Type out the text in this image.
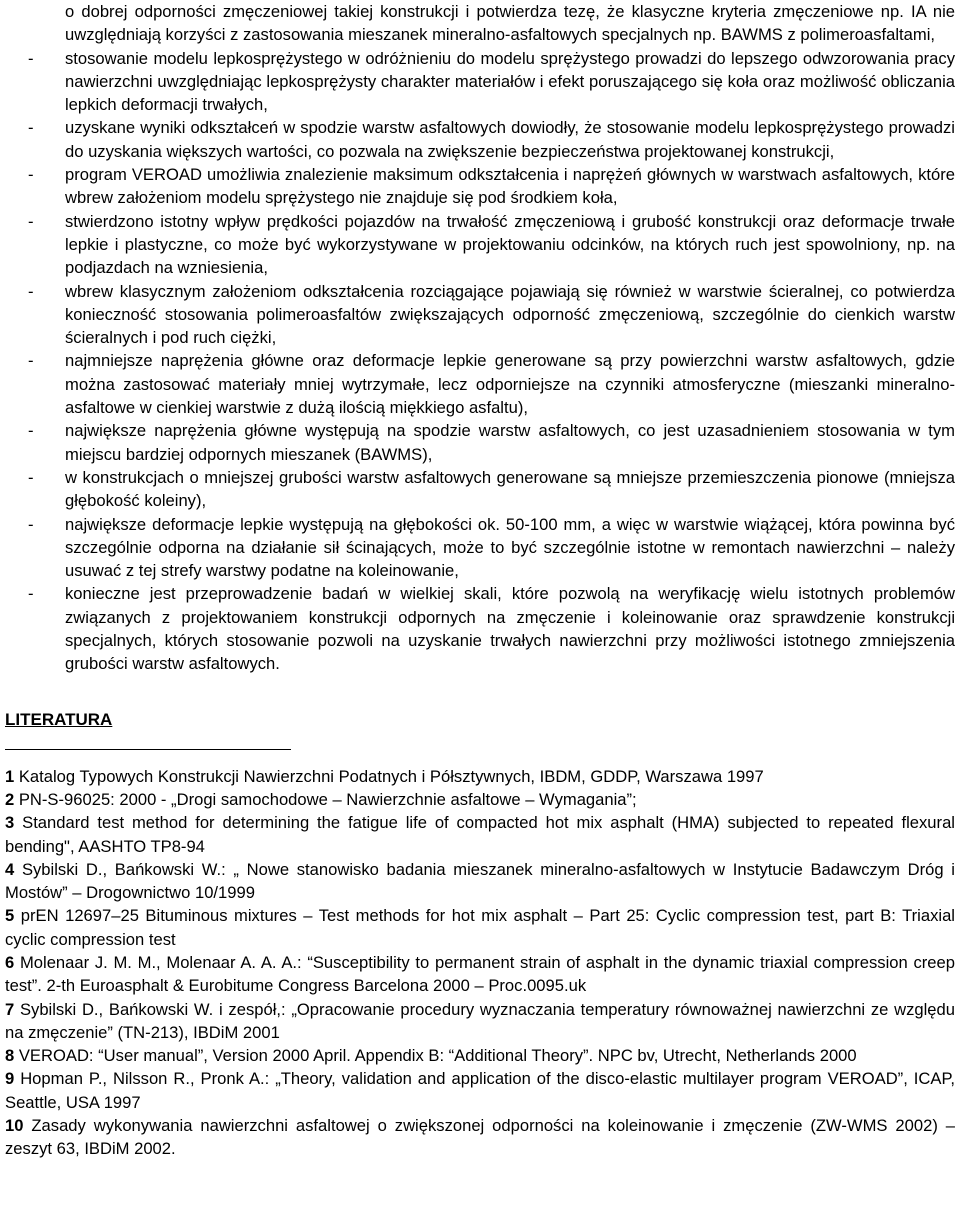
o dobrej odporności zmęczeniowej takiej konstrukcji i potwierdza tezę, że klasyczne kryteria zmęczeniowe np. IA nie uwzględniają korzyści z zastosowania mieszanek mineralno-asfaltowych specjalnych np. BAWMS z polimeroasfaltami,

- stosowanie modelu lepkosprężystego w odróżnieniu do modelu sprężystego prowadzi do lepszego odwzorowania pracy nawierzchni uwzględniając lepkosprężysty charakter materiałów i efekt poruszającego się koła oraz możliwość obliczania lepkich deformacji trwałych,
- uzyskane wyniki odkształceń w spodzie warstw asfaltowych dowiodły, że stosowanie modelu lepkosprężystego prowadzi do uzyskania większych wartości, co pozwala na zwiększenie bezpieczeństwa projektowanej konstrukcji,
- program VEROAD umożliwia znalezienie maksimum odkształcenia i naprężeń głównych w warstwach asfaltowych, które wbrew założeniom modelu sprężystego nie znajduje się pod środkiem koła,
- stwierdzono istotny wpływ prędkości pojazdów na trwałość zmęczeniową i grubość konstrukcji oraz deformacje trwałe lepkie i plastyczne, co może być wykorzystywane w projektowaniu odcinków, na których ruch jest spowolniony, np. na podjazdach na wzniesienia,
- wbrew klasycznym założeniom odkształcenia rozciągające pojawiają się również w warstwie ścieralnej, co potwierdza konieczność stosowania polimeroasfaltów zwiększających odporność zmęczeniową, szczególnie do cienkich warstw ścieralnych i pod ruch ciężki,
- najmniejsze naprężenia główne oraz deformacje lepkie generowane są przy powierzchni warstw asfaltowych, gdzie można zastosować materiały mniej wytrzymałe, lecz odporniejsze na czynniki atmosferyczne (mieszanki mineralno-asfaltowe w cienkiej warstwie z dużą ilością miękkiego asfaltu),
- największe naprężenia główne występują na spodzie warstw asfaltowych, co jest uzasadnieniem stosowania w tym miejscu bardziej odpornych mieszanek (BAWMS),
- w konstrukcjach o mniejszej grubości warstw asfaltowych generowane są mniejsze przemieszczenia pionowe (mniejsza głębokość koleiny),
- największe deformacje lepkie występują na głębokości ok. 50-100 mm, a więc w warstwie wiążącej, która powinna być szczególnie odporna na działanie sił ścinających, może to być szczególnie istotne w remontach nawierzchni – należy usuwać z tej strefy warstwy podatne na koleinowanie,
- konieczne jest przeprowadzenie badań w wielkiej skali, które pozwolą na weryfikację wielu istotnych problemów związanych z projektowaniem konstrukcji odpornych na zmęczenie i koleinowanie oraz sprawdzenie konstrukcji specjalnych, których stosowanie pozwoli na uzyskanie trwałych nawierzchni przy możliwości istotnego zmniejszenia grubości warstw asfaltowych.
LITERATURA
1 Katalog Typowych Konstrukcji Nawierzchni Podatnych i Półsztywnych, IBDM, GDDP, Warszawa 1997
2 PN-S-96025: 2000 - „Drogi samochodowe – Nawierzchnie asfaltowe – Wymagania”;
3 Standard test method for determining the fatigue life of compacted hot mix asphalt (HMA) subjected to repeated flexural bending", AASHTO TP8-94
4 Sybilski D., Bańkowski W.: „ Nowe stanowisko badania mieszanek mineralno-asfaltowych w Instytucie Badawczym Dróg i Mostów” – Drogownictwo 10/1999
5 prEN 12697–25 Bituminous mixtures – Test methods for hot mix asphalt – Part 25: Cyclic compression test, part B: Triaxial cyclic compression test
6 Molenaar J. M. M., Molenaar A. A. A.: “Susceptibility to permanent strain of asphalt in the dynamic triaxial compression creep test”. 2-th Euroasphalt & Eurobitume Congress Barcelona 2000 – Proc.0095.uk
7 Sybilski D., Bańkowski W. i zespół,: „Opracowanie procedury wyznaczania temperatury równoważnej nawierzchni ze względu na zmęczenie” (TN-213), IBDiM 2001
8 VEROAD: “User manual”, Version 2000 April. Appendix B: “Additional Theory”. NPC bv, Utrecht, Netherlands 2000
9 Hopman P., Nilsson R., Pronk A.: „Theory, validation and application of the disco-elastic multilayer program VEROAD”, ICAP, Seattle, USA 1997
10 Zasady wykonywania nawierzchni asfaltowej o zwiększonej odporności na koleinowanie i zmęczenie (ZW-WMS 2002) – zeszyt 63, IBDiM 2002.
